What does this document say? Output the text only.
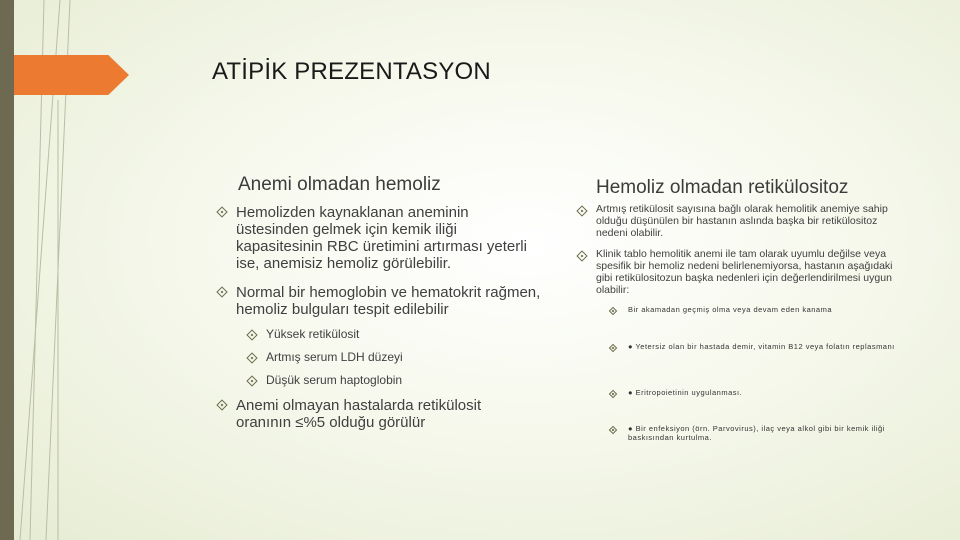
ATİPİK PREZENTASYON
Anemi olmadan hemoliz
Hemolizden kaynaklanan aneminin üstesinden gelmek için kemik iliği kapasitesinin RBC üretimini artırması yeterli ise, anemisiz hemoliz görülebilir.
Normal bir hemoglobin ve hematokrit rağmen, hemoliz bulguları tespit edilebilir
Yüksek retikülosit
Artmış serum LDH düzeyi
Düşük serum haptoglobin
Anemi olmayan hastalarda retikülosit oranının ≤%5 olduğu görülür
Hemoliz olmadan retikülositoz
Artmış retikülosit sayısına bağlı olarak hemolitik anemiye sahip olduğu düşünülen bir hastanın aslında başka bir retikülositoz nedeni olabilir.
Klinik tablo hemolitik anemi ile tam olarak uyumlu değilse veya spesifik bir hemoliz nedeni belirlenemiyorsa, hastanın aşağıdaki gibi retikülositozun başka nedenleri için değerlendirilmesi uygun olabilir:
Bir akamadan geçmiş olma veya devam eden kanama
● Yetersiz olan bir hastada demir, vitamin B12 veya folatın replasmanı
● Eritropoietinin uygulanması.
● Bir enfeksiyon (örn. Parvovirus), ilaç veya alkol gibi bir kemik iliği baskısından kurtulma.
